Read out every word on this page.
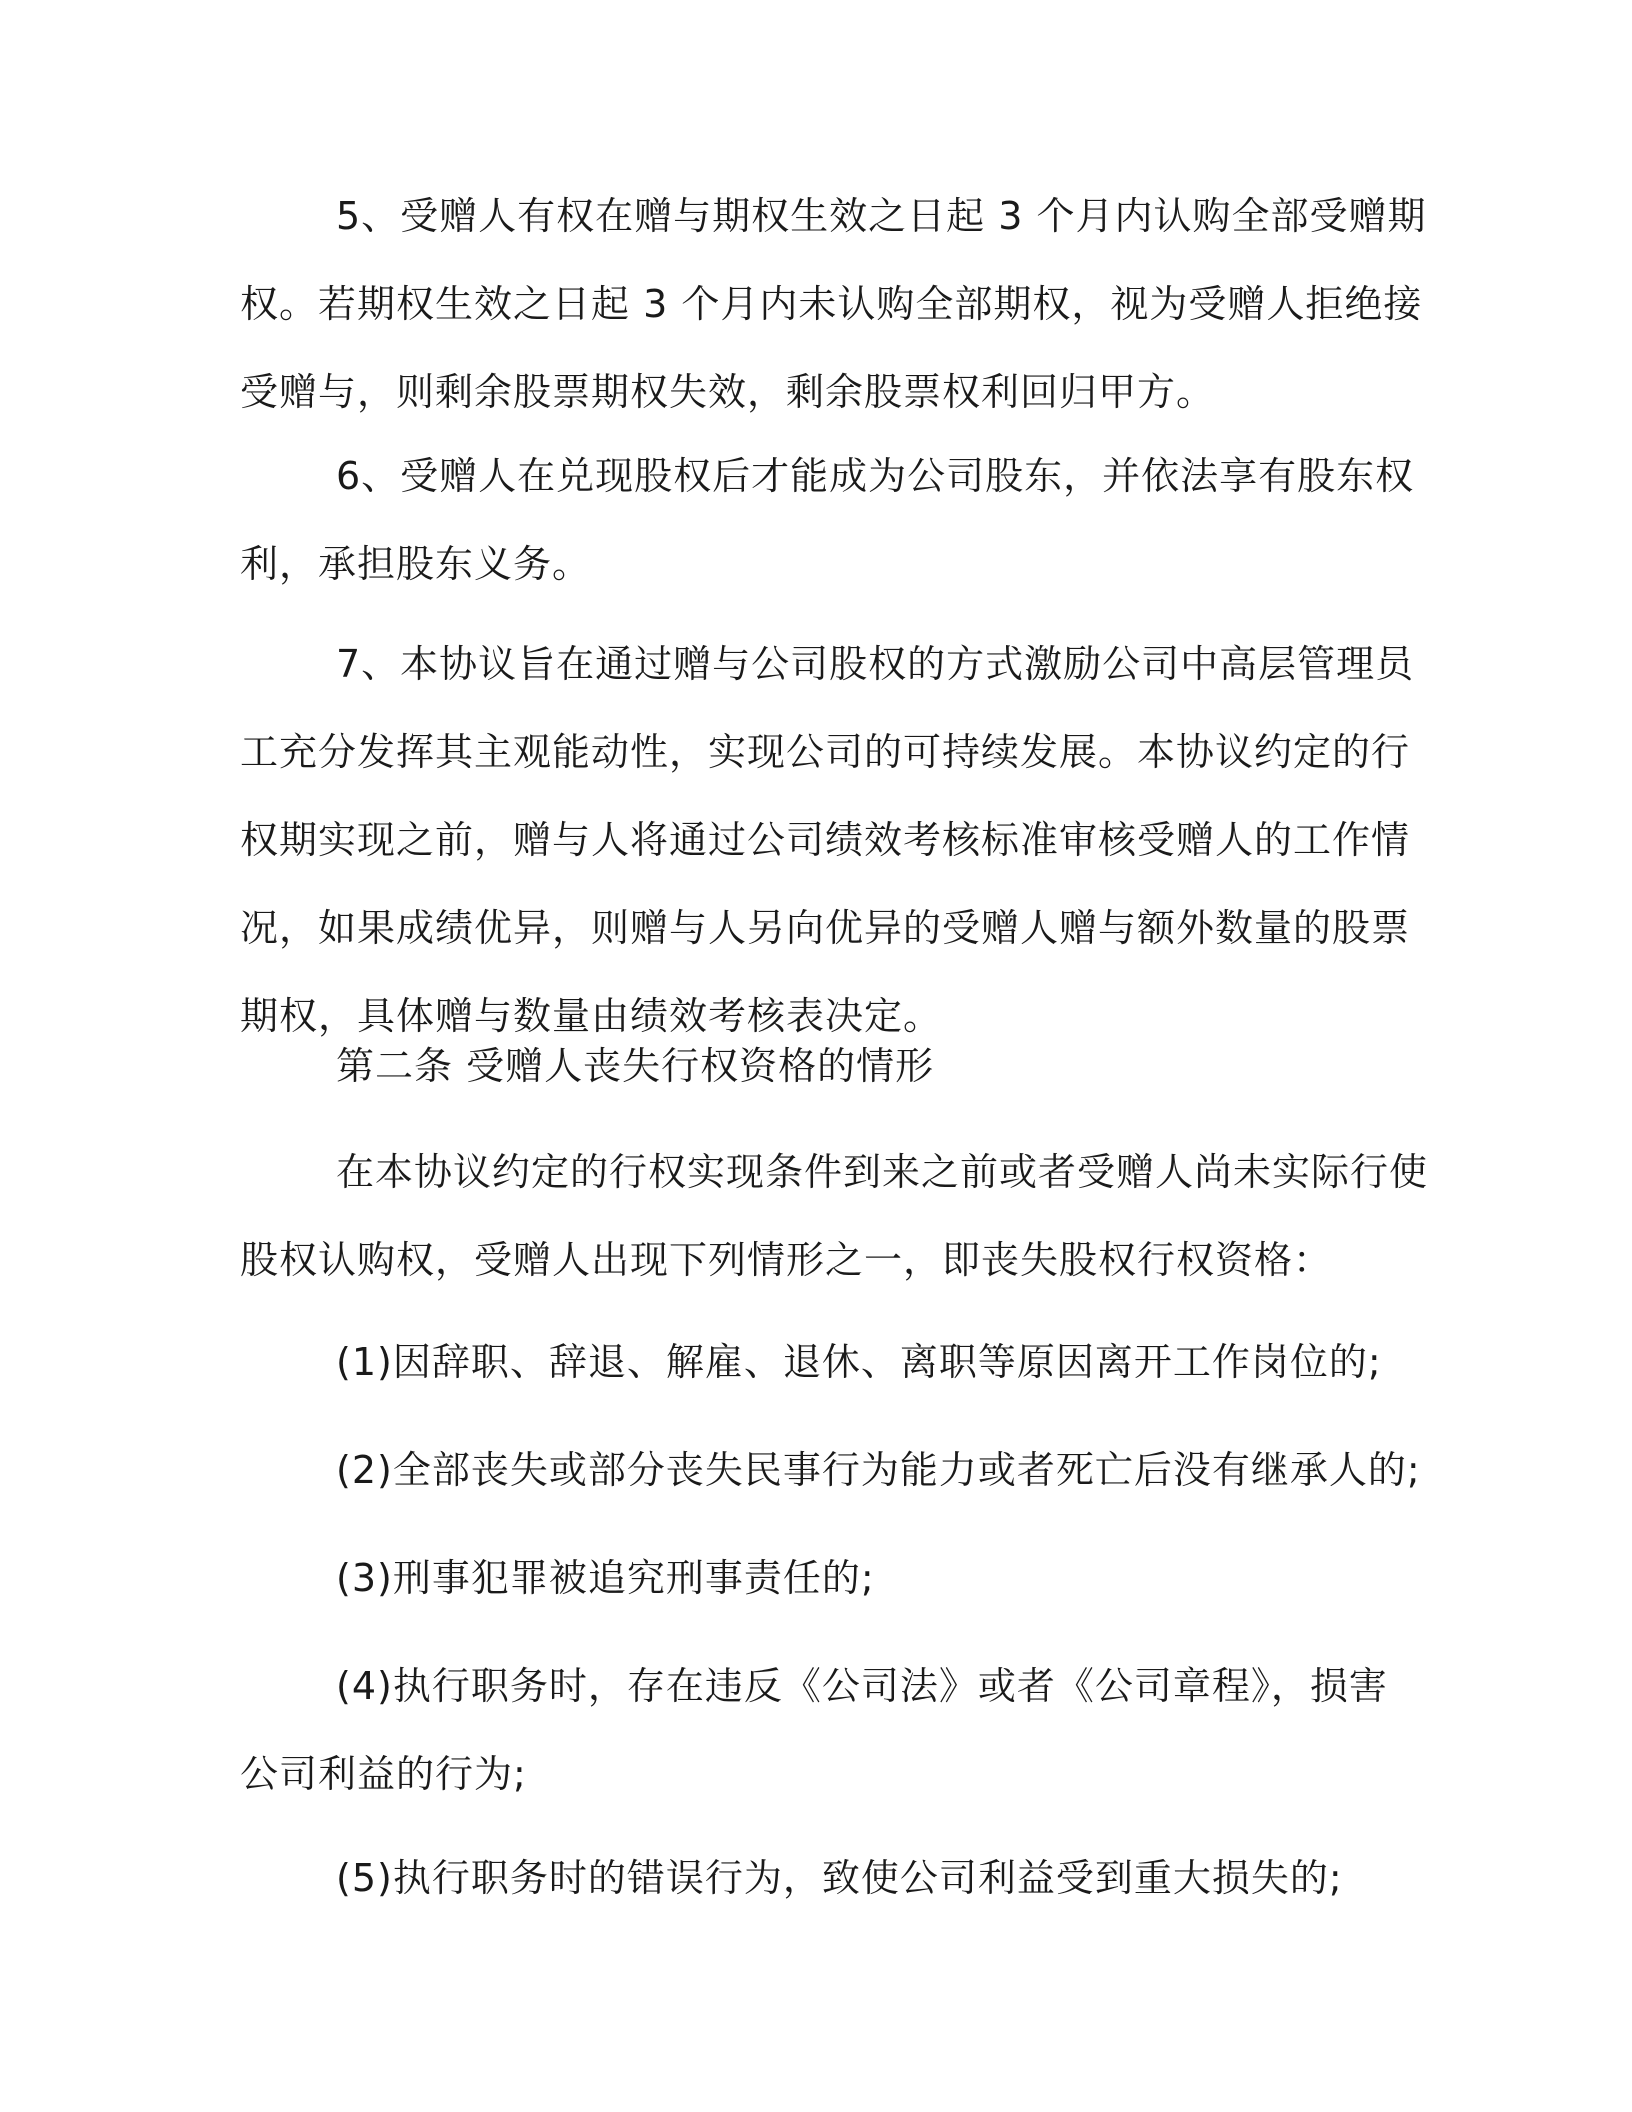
5、受赠人有权在赠与期权生效之日起 3 个月内认购全部受赠期
权。若期权生效之日起 3 个月内未认购全部期权，视为受赠人拒绝接
受赠与，则剩余股票期权失效，剩余股票权利回归甲方。
6、受赠人在兑现股权后才能成为公司股东，并依法享有股东权
利，承担股东义务。
7、本协议旨在通过赠与公司股权的方式激励公司中高层管理员
工充分发挥其主观能动性，实现公司的可持续发展。本协议约定的行
权期实现之前，赠与人将通过公司绩效考核标准审核受赠人的工作情
况，如果成绩优异，则赠与人另向优异的受赠人赠与额外数量的股票
期权，具体赠与数量由绩效考核表决定。
第二条 受赠人丧失行权资格的情形
在本协议约定的行权实现条件到来之前或者受赠人尚未实际行使
股权认购权，受赠人出现下列情形之一，即丧失股权行权资格：
(1)因辞职、辞退、解雇、退休、离职等原因离开工作岗位的;
(2)全部丧失或部分丧失民事行为能力或者死亡后没有继承人的;
(3)刑事犯罪被追究刑事责任的;
(4)执行职务时，存在违反《公司法》或者《公司章程》，损害
公司利益的行为;
(5)执行职务时的错误行为，致使公司利益受到重大损失的;
